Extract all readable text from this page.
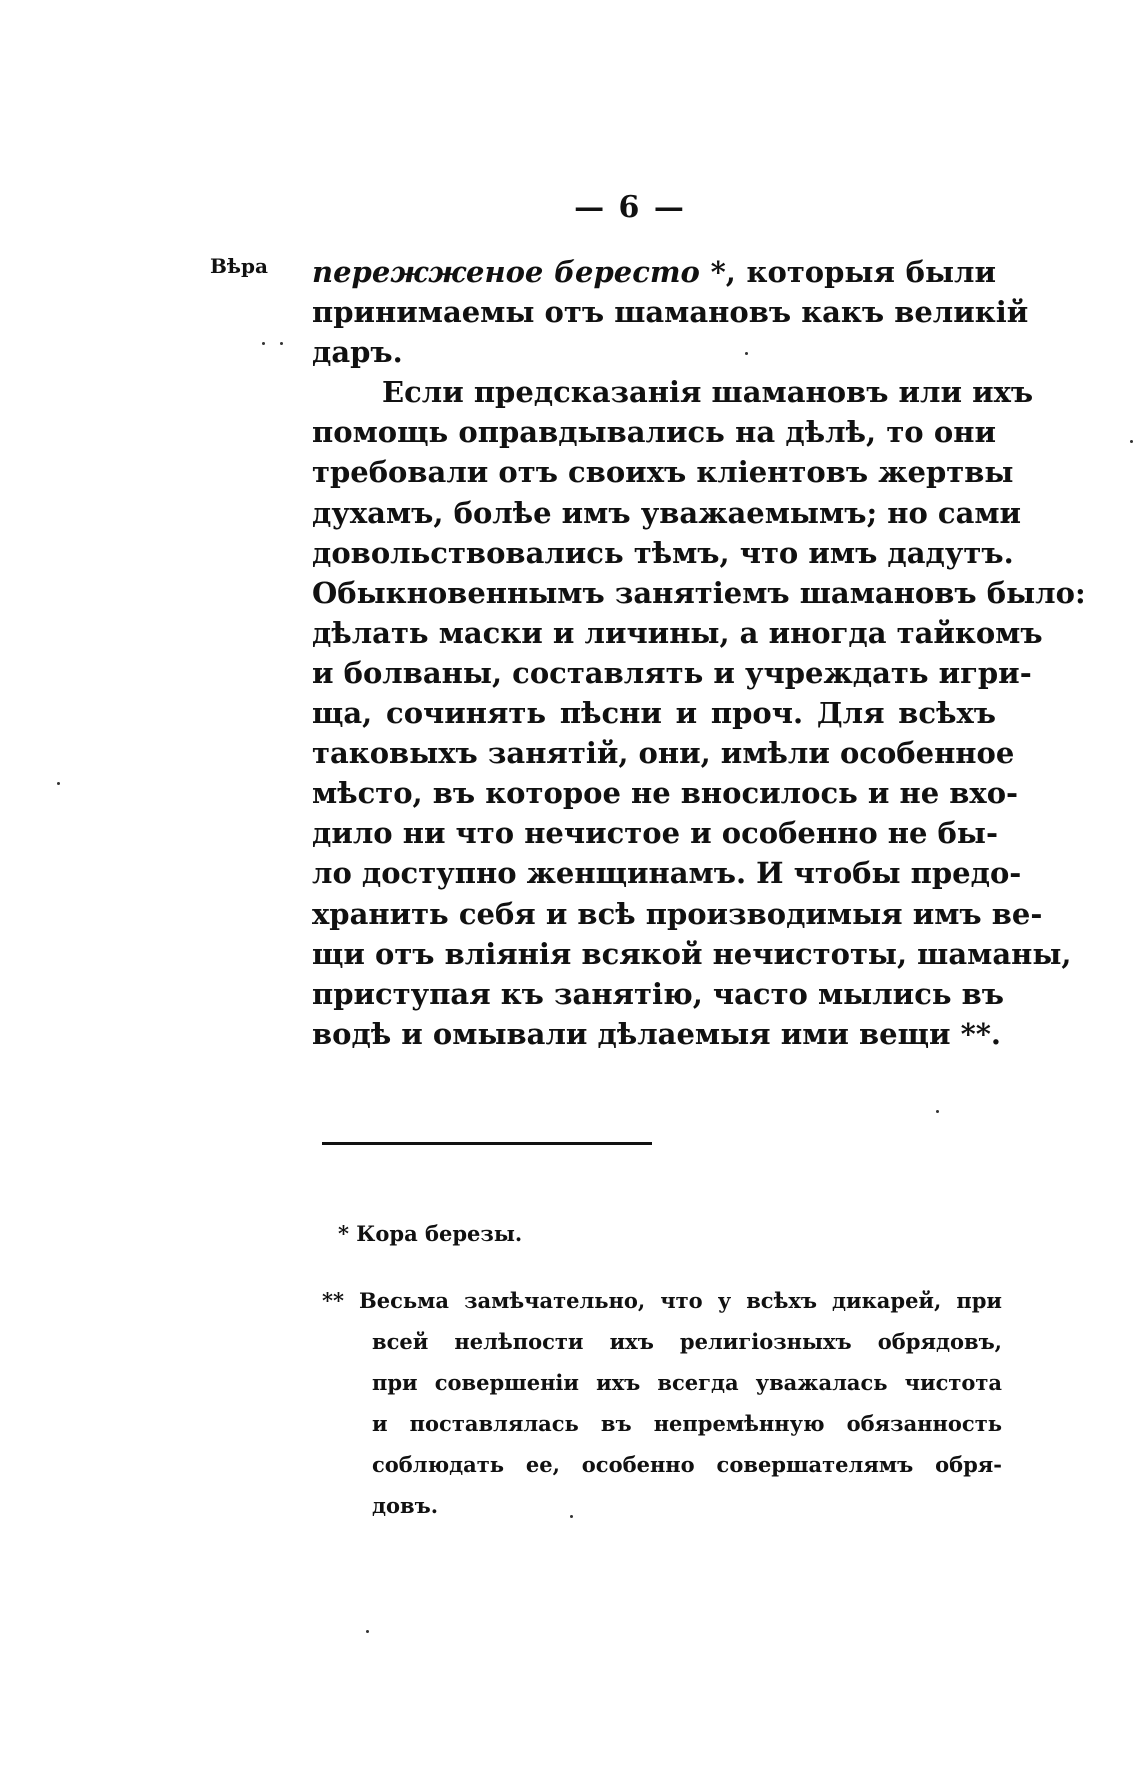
— 6 —
Вѣра пережженое бересто *, которыя были
принимаемы отъ шамановъ какъ великій
даръ.
Если предсказанія шамановъ или ихъ
помощь оправдывались на дѣлѣ, то они
требовали отъ своихъ кліентовъ жертвы
духамъ, болѣе имъ уважаемымъ; но сами
довольствовались тѣмъ, что имъ дадутъ.
Обыкновеннымъ занятіемъ шамановъ было:
дѣлать маски и личины, а иногда тайкомъ
и болваны, составлять и учреждать игри-
ща, сочинять пѣсни и проч. Для всѣхъ
таковыхъ занятій, они, имѣли особенное
мѣсто, въ которое не вносилось и не вхо-
дило ни что нечистое и особенно не бы-
ло доступно женщинамъ. И чтобы предо-
хранить себя и всѣ производимыя имъ ве-
щи отъ вліянія всякой нечистоты, шаманы,
приступая къ занятію, часто мылись въ
водѣ и омывали дѣлаемыя ими вещи **.
* Кора березы.
** Весьма замѣчательно, что у всѣхъ дикарей, при
всей нелѣпости ихъ религіозныхъ обрядовъ,
при совершеніи ихъ всегда уважалась чистота
и поставлялась въ непремѣнную обязанность
соблюдать ее, особенно совершателямъ обря-
довъ.
